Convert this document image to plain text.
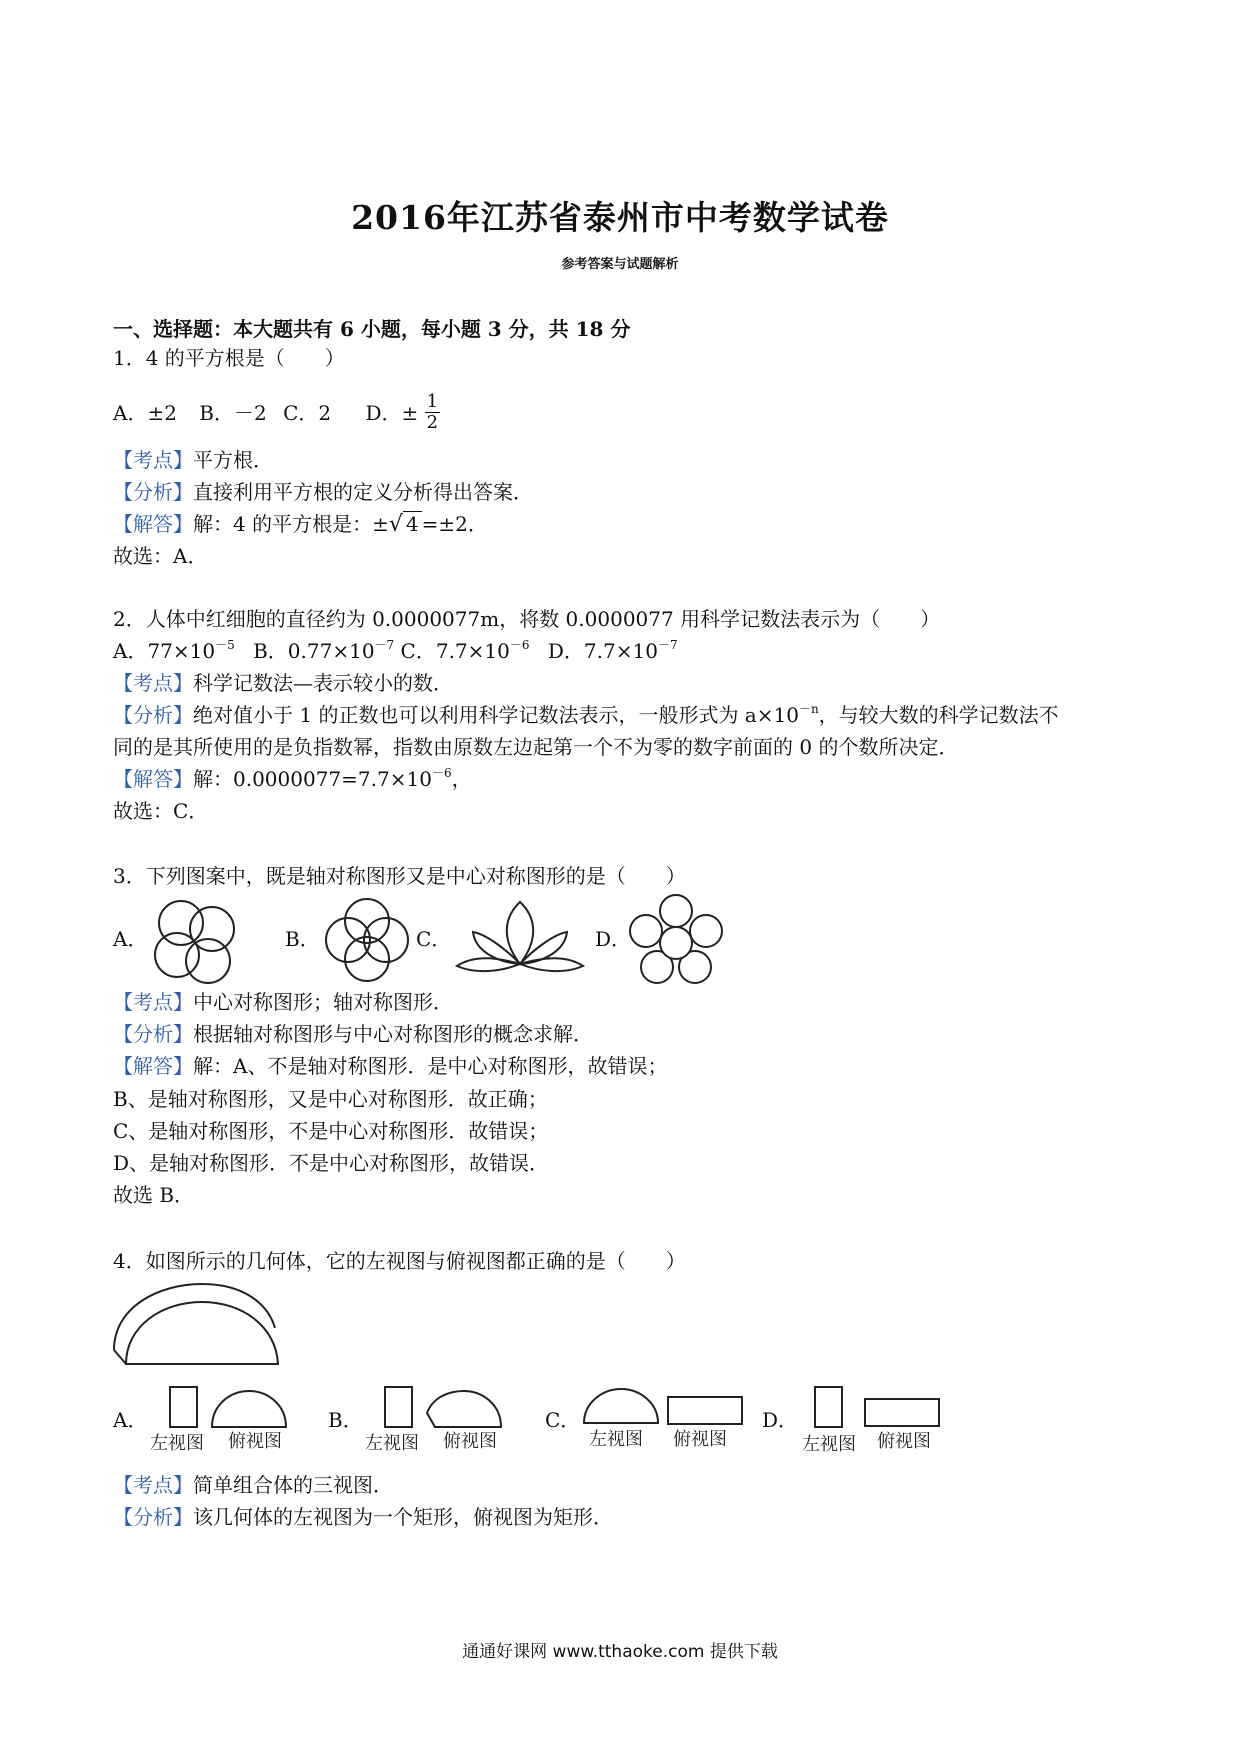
2016年江苏省泰州市中考数学试卷
参考答案与试题解析
一、选择题：本大题共有 6 小题，每小题 3 分，共 18 分
1．4 的平方根是（　　）
A．±2 B．－2 C．2 D．± $\frac{1}{2}$
【考点】平方根．
【分析】直接利用平方根的定义分析得出答案．
【解答】解：4 的平方根是：±√ 4 =±2．
故选：A．
2．人体中红细胞的直径约为 0.0000077m，将数 0.0000077 用科学记数法表示为（　　）
A．$77\times 10^{-5}$ B．$0.77\times 10^{-7}$ C．$7.7\times 10^{-6}$ D．$7.7\times 10^{-7}$
【考点】科学记数法—表示较小的数．
【分析】绝对值小于 1 的正数也可以利用科学记数法表示，一般形式为 $a\times 10^{-n}$，与较大数的科学记数法不
同的是其所使用的是负指数幂，指数由原数左边起第一个不为零的数字前面的 0 的个数所决定．
【解答】解：$0.0000077=7.7\times 10^{-6}$，
故选：C．
3．下列图案中，既是轴对称图形又是中心对称图形的是（　　）
A．	B．	C．	D．
【考点】中心对称图形；轴对称图形．
【分析】根据轴对称图形与中心对称图形的概念求解．
【解答】解：A、不是轴对称图形．是中心对称图形，故错误；
B、是轴对称图形，又是中心对称图形．故正确；
C、是轴对称图形，不是中心对称图形．故错误；
D、是轴对称图形．不是中心对称图形，故错误．
故选 B．
4．如图所示的几何体，它的左视图与俯视图都正确的是（　　）
A．
左视图 俯视图
B．
左视图 俯视图
C．
左视图 俯视图
D．
左视图 俯视图
【考点】简单组合体的三视图．
【分析】该几何体的左视图为一个矩形，俯视图为矩形．
通通好课网 www.tthaoke.com 提供下载
